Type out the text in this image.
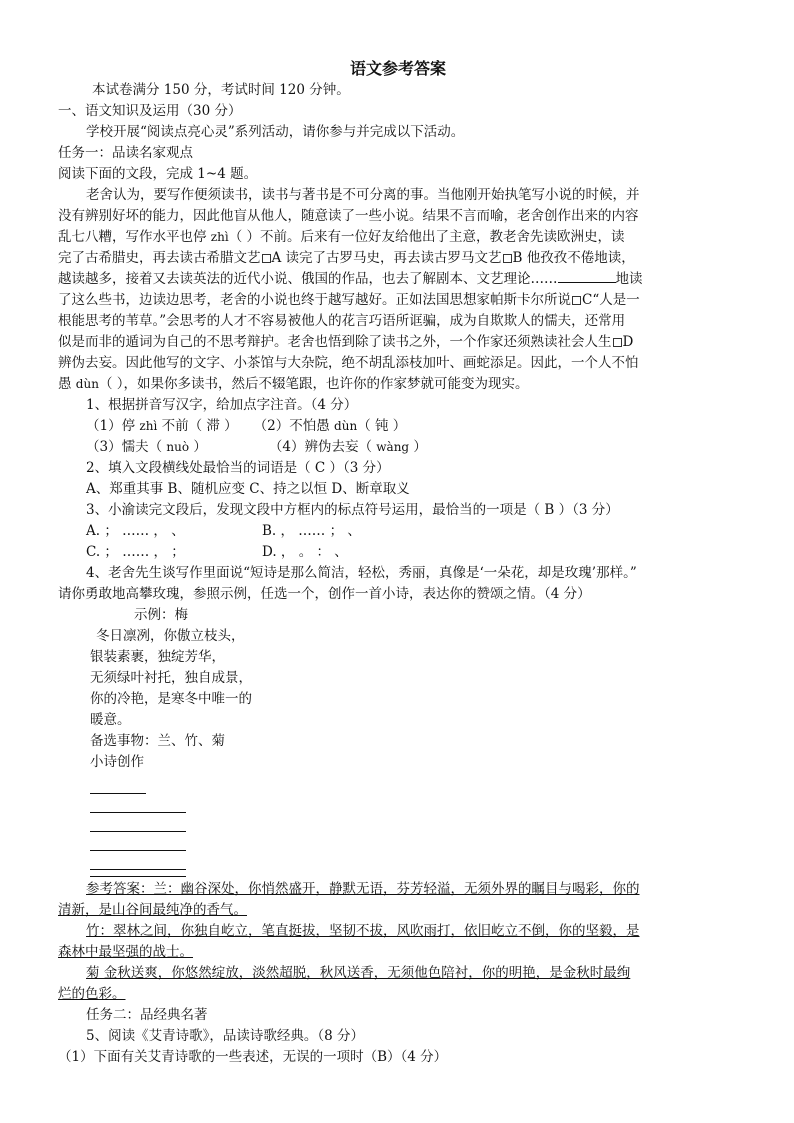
语文参考答案
本试卷满分 150 分，考试时间 120 分钟。
一、语文知识及运用（30 分）
学校开展“阅读点亮心灵”系列活动，请你参与并完成以下活动。
任务一：品读名家观点
阅读下面的文段，完成 1~4 题。
老舍认为，要写作便须读书，读书与著书是不可分离的事。当他刚开始执笔写小说的时候，并
没有辨别好坏的能力，因此他盲从他人，随意读了一些小说。结果不言而喻，老舍创作出来的内容
乱七八糟，写作水平也停 zhì（ ）不前。后来有一位好友给他出了主意，教老舍先读欧洲史，读
完了古希腊史，再去读古希腊文艺 A 读完了古罗马史，再去读古罗马文艺 B 他孜孜不倦地读，
越读越多，接着又去读英法的近代小说、俄国的作品，也去了解剧本、文艺理论……	地读
了这么些书，边读边思考，老舍的小说也终于越写越好。正如法国思想家帕斯卡尔所说 C“人是一
根能思考的苇草。”会思考的人才不容易被他人的花言巧语所诓骗，成为自欺欺人的懦夫，还常用
似是而非的遁词为自己的不思考辩护。老舍也悟到除了读书之外，一个作家还须熟读社会人生 D
辨伪去妄。因此他写的文字、小茶馆与大杂院，绝不胡乱添枝加叶、画蛇添足。因此，一个人不怕
愚 dùn（ ），如果你多读书，然后不辍笔跟，也许你的作家梦就可能变为现实。
1、根据拼音写汉字，给加点字注音。（4 分）
（1）停 zhì 不前（ 滞 ） （2）不怕愚 dùn（ 钝 ）
（3）懦夫（ nuò ）	（4）辨伪去妄（ wàng ）
2、填入文段横线处最恰当的词语是（ C ）（3 分）
A、郑重其事 B、随机应变 C、持之以恒 D、断章取义
3、小渝读完文段后，发现文段中方框内的标点符号运用，最恰当的一项是（ B ）（3 分）
A. ； …… ， 、	B. ， …… ； 、
C. ； …… ， ；	D. ， 。 ： 、
4、老舍先生谈写作里面说“短诗是那么简洁，轻松，秀丽，真像是‘一朵花，却是玫瑰’那样。”
请你勇敢地高攀玫瑰，参照示例，任选一个，创作一首小诗，表达你的赞颂之情。（4 分）
示例：梅
冬日凛冽，你傲立枝头，
银装素裹，独绽芳华，
无须绿叶衬托，独自成景，
你的冷艳，是寒冬中唯一的
暖意。
备选事物：兰、竹、菊
小诗创作
参考答案：兰：幽谷深处，你悄然盛开，静默无语，芬芳轻溢，无须外界的瞩目与喝彩，你的
清新，是山谷间最纯净的香气。
竹：翠林之间，你独自屹立，笔直挺拔，坚韧不拔，风吹雨打，依旧屹立不倒，你的坚毅，是
森林中最坚强的战士。
菊 金秋送爽，你悠然绽放，淡然超脱，秋风送香，无须他色陪衬，你的明艳，是金秋时最绚
烂的色彩。
任务二：品经典名著
5、阅读《艾青诗歌》，品读诗歌经典。（8 分）
（1）下面有关艾青诗歌的一些表述，无误的一项时（B）（4 分）
